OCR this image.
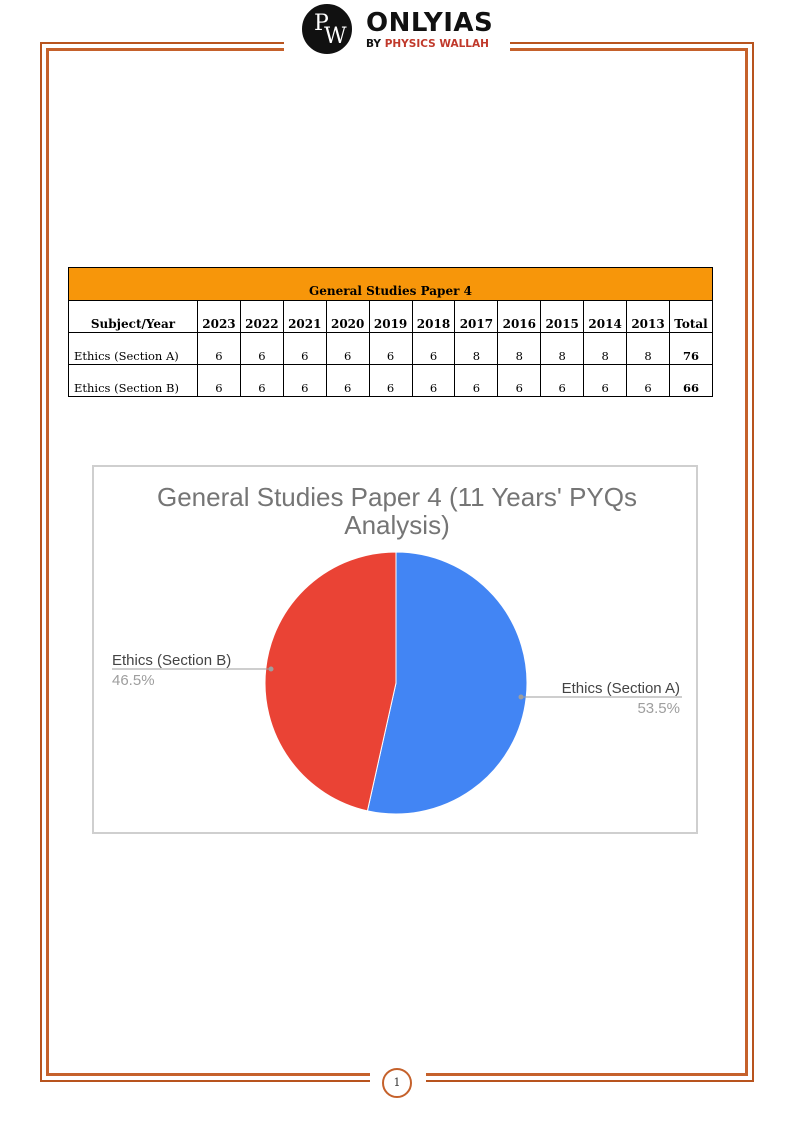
P
W ONLYIAS
BY PHYSICS WALLAH
General Studies Paper 4												
Subject/Year	2023	2022	2021	2020	2019	2018	2017	2016	2015	2014	2013	Total
Ethics (Section A)	6	6	6	6	6	6	8	8	8	8	8	76
Ethics (Section B)	6	6	6	6	6	6	6	6	6	6	6	66
General Studies Paper 4 (11 Years' PYQs
Analysis)
Ethics (Section A)
53.5%
Ethics (Section B)
46.5%
1
